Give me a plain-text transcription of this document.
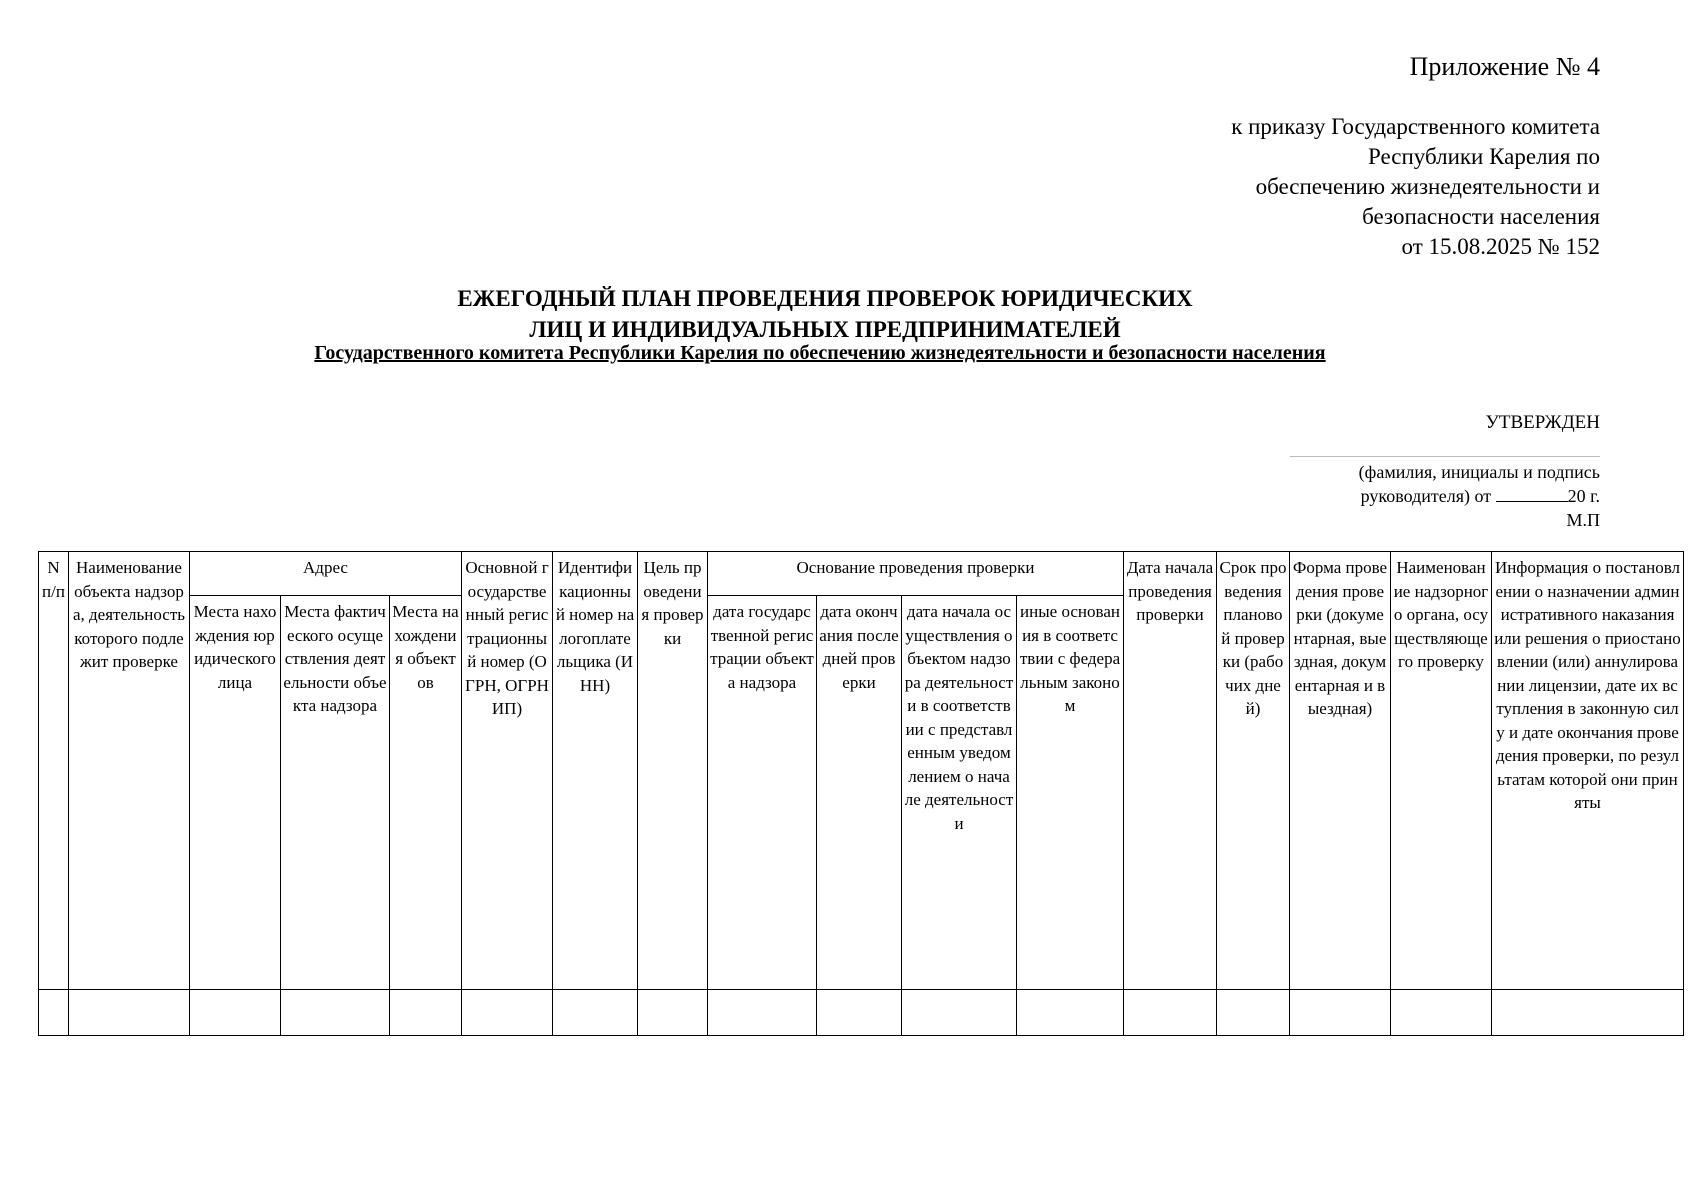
Приложение № 4
к приказу Государственного комитета
Республики Карелия по
обеспечению жизнедеятельности и
безопасности населения
от 15.08.2025 № 152
ЕЖЕГОДНЫЙ ПЛАН ПРОВЕДЕНИЯ ПРОВЕРОК ЮРИДИЧЕСКИХ
ЛИЦ И ИНДИВИДУАЛЬНЫХ ПРЕДПРИНИМАТЕЛЕЙ
Государственного комитета Республики Карелия по обеспечению жизнедеятельности и безопасности населения
УТВЕРЖДЕН
(фамилия, инициалы и подпись
руководителя) от	20 г.
М.П
N п/п	Наименование объекта надзора, деятельность которого подлежит проверке	Адрес			Основной государственный регистрационный номер (ОГРН, ОГРНИП)	Идентификационный номер налогоплательщика (ИНН)	Цель проведения проверки	Основание проведения проверки				Дата начала проведения проверки	Срок проведения плановой проверки (рабочих дней)	Форма проведения проверки (документарная, выездная, документарная и выездная)	Наименование надзорного органа, осуществляющего проверку	Информация о постановлении о назначении административного наказания или решения о приостановлении (или) аннулировании лицензии, дате их вступления в законную силу и дате окончания проведения проверки, по результатам которой они приняты
		Места нахождения юридического лица	Места фактического осуществления деятельности объекта надзора	Места нахождения объектов				дата государственной регистрации объекта надзора	дата окончания последней проверки	дата начала осуществления объектом надзора деятельности в соответствии с представленным уведомлением о начале деятельности	иные основания в соответствии с федеральным законом					
